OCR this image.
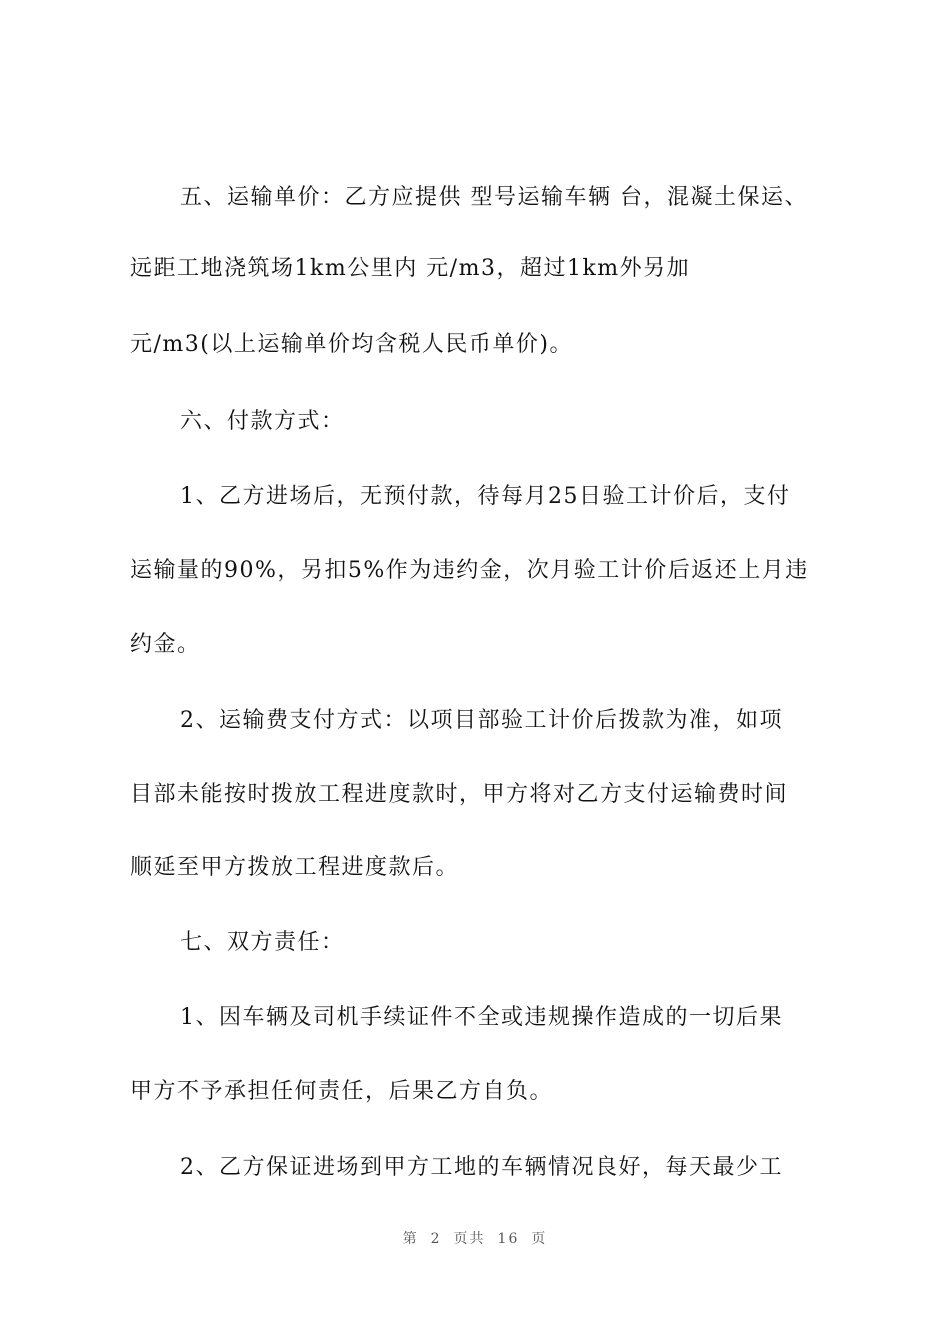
五、运输单价：乙方应提供 型号运输车辆 台，混凝土保运、
远距工地浇筑场1km公里内 元/m3，超过1km外另加
元/m3(以上运输单价均含税人民币单价)。
六、付款方式：
1、乙方进场后，无预付款，待每月25日验工计价后，支付
运输量的90%，另扣5%作为违约金，次月验工计价后返还上月违
约金。
2、运输费支付方式：以项目部验工计价后拨款为准，如项
目部未能按时拨放工程进度款时，甲方将对乙方支付运输费时间
顺延至甲方拨放工程进度款后。
七、双方责任：
1、因车辆及司机手续证件不全或违规操作造成的一切后果
甲方不予承担任何责任，后果乙方自负。
2、乙方保证进场到甲方工地的车辆情况良好，每天最少工
第 2 页共 16 页
